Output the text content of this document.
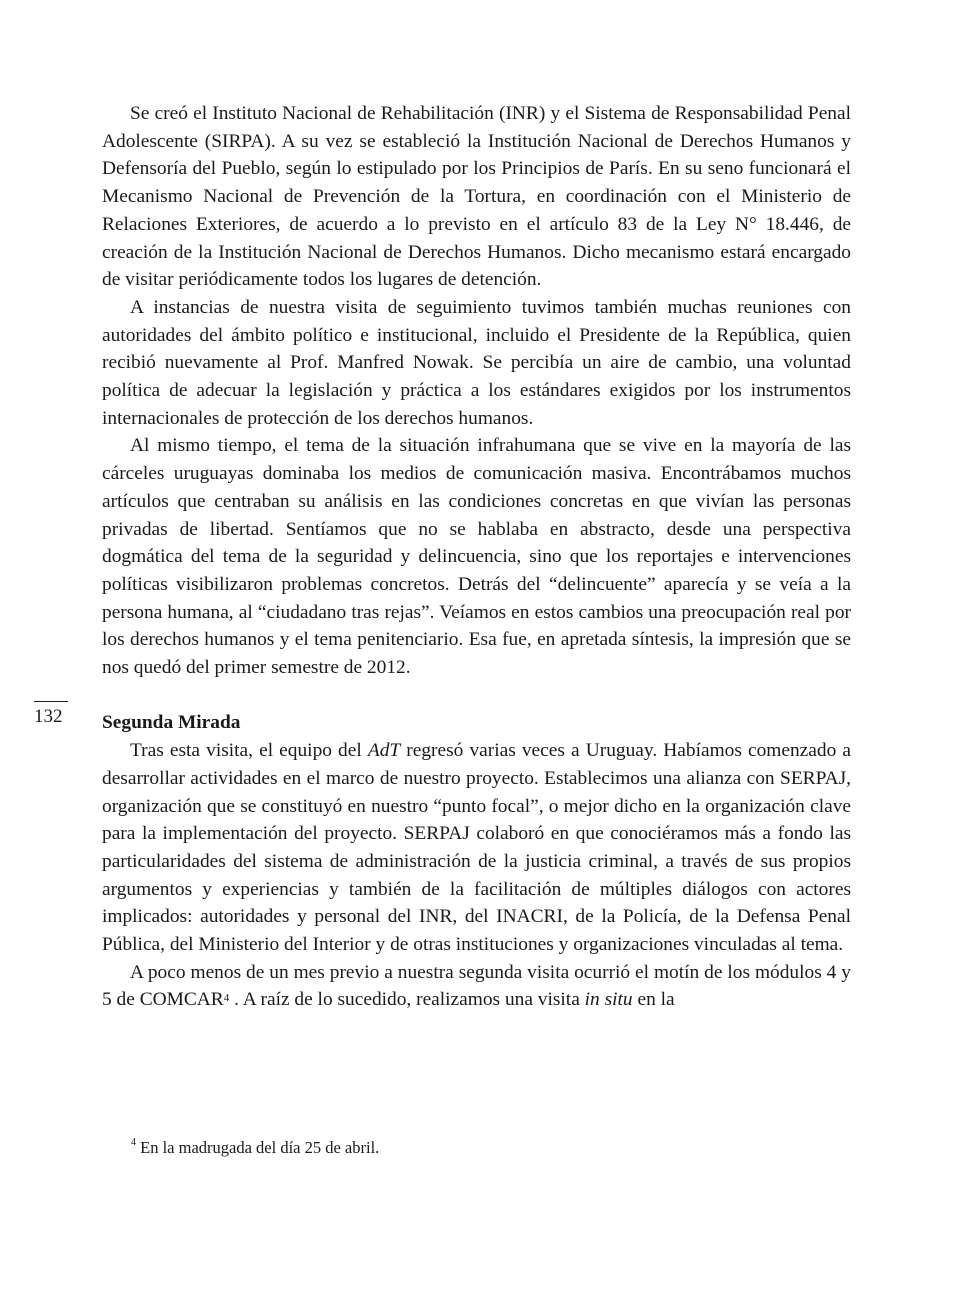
132

Se creó el Instituto Nacional de Rehabilitación (INR) y el Sistema de Responsabilidad Penal Adolescente (SIRPA). A su vez se estableció la Institución Nacional de Derechos Humanos y Defensoría del Pueblo, según lo estipulado por los Principios de París. En su seno funcionará el Mecanismo Nacional de Prevención de la Tortura, en coordinación con el Ministerio de Relaciones Exteriores, de acuerdo a lo previsto en el artículo 83 de la Ley N° 18.446, de creación de la Institución Nacional de Derechos Humanos. Dicho mecanismo estará encargado de visitar periódicamente todos los lugares de detención.

A instancias de nuestra visita de seguimiento tuvimos también muchas reuniones con autoridades del ámbito político e institucional, incluido el Presidente de la República, quien recibió nuevamente al Prof. Manfred Nowak. Se percibía un aire de cambio, una voluntad política de adecuar la legislación y práctica a los estándares exigidos por los instrumentos internacionales de protección de los derechos humanos.

Al mismo tiempo, el tema de la situación infrahumana que se vive en la mayoría de las cárceles uruguayas dominaba los medios de comunicación masiva. Encontrábamos muchos artículos que centraban su análisis en las condiciones concretas en que vivían las personas privadas de libertad. Sentíamos que no se hablaba en abstracto, desde una perspectiva dogmática del tema de la seguridad y delincuencia, sino que los reportajes e intervenciones políticas visibilizaron problemas concretos. Detrás del “delincuente” aparecía y se veía a la persona humana, al “ciudadano tras rejas”. Veíamos en estos cambios una preocupación real por los derechos humanos y el tema penitenciario. Esa fue, en apretada síntesis, la impresión que se nos quedó del primer semestre de 2012.

Segunda Mirada

Tras esta visita, el equipo del AdT regresó varias veces a Uruguay. Habíamos comenzado a desarrollar actividades en el marco de nuestro proyecto. Establecimos una alianza con SERPAJ, organización que se constituyó en nuestro “punto focal”, o mejor dicho en la organización clave para la implementación del proyecto. SERPAJ colaboró en que conociéramos más a fondo las particularidades del sistema de administración de la justicia criminal, a través de sus propios argumentos y experiencias y también de la facilitación de múltiples diálogos con actores implicados: autoridades y personal del INR, del INACRI, de la Policía, de la Defensa Penal Pública, del Ministerio del Interior y de otras instituciones y organizaciones vinculadas al tema.

A poco menos de un mes previo a nuestra segunda visita ocurrió el motín de los módulos 4 y 5 de COMCAR$^4$ . A raíz de lo sucedido, realizamos una visita in situ en la

$^4$ En la madrugada del día 25 de abril.
